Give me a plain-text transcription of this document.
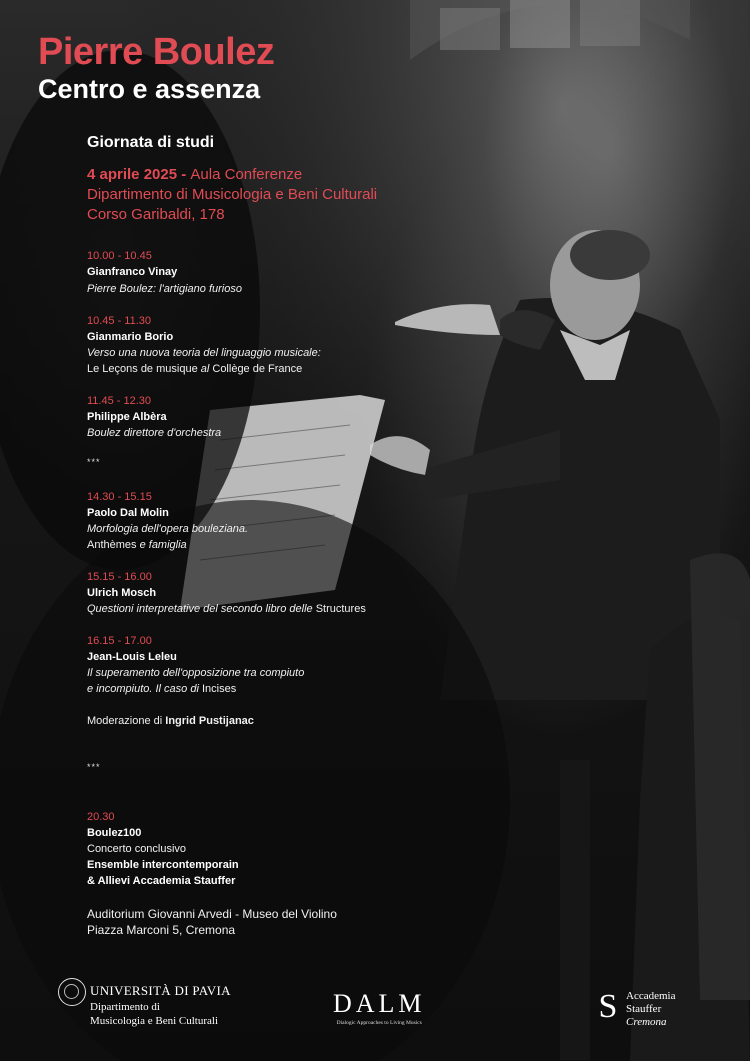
Pierre Boulez
Centro e assenza
Giornata di studi
4 aprile 2025 - Aula Conferenze
Dipartimento di Musicologia e Beni Culturali
Corso Garibaldi, 178
10.00 - 10.45
Gianfranco Vinay
Pierre Boulez: l'artigiano furioso
10.45 - 11.30
Gianmario Borio
Verso una nuova teoria del linguaggio musicale:
Le Leçons de musique al Collège de France
11.45 - 12.30
Philippe Albèra
Boulez direttore d'orchestra
***
14.30 - 15.15
Paolo Dal Molin
Morfologia dell'opera bouleziana.
Anthèmes e famiglia
15.15 - 16.00
Ulrich Mosch
Questioni interpretative del secondo libro delle Structures
16.15 - 17.00
Jean-Louis Leleu
Il superamento dell'opposizione tra compiuto
e incompiuto. Il caso di Incises
Moderazione di Ingrid Pustijanac
***
20.30
Boulez100
Concerto conclusivo
Ensemble intercontemporain
& Allievi Accademia Stauffer
Auditorium Giovanni Arvedi - Museo del Violino
Piazza Marconi 5, Cremona
UNIVERSITÀ DI PAVIA
Dipartimento di
Musicologia e Beni Culturali
DALM
Dialogic Approaches to Living Musics	S Accademia
Stauffer
Cremona
